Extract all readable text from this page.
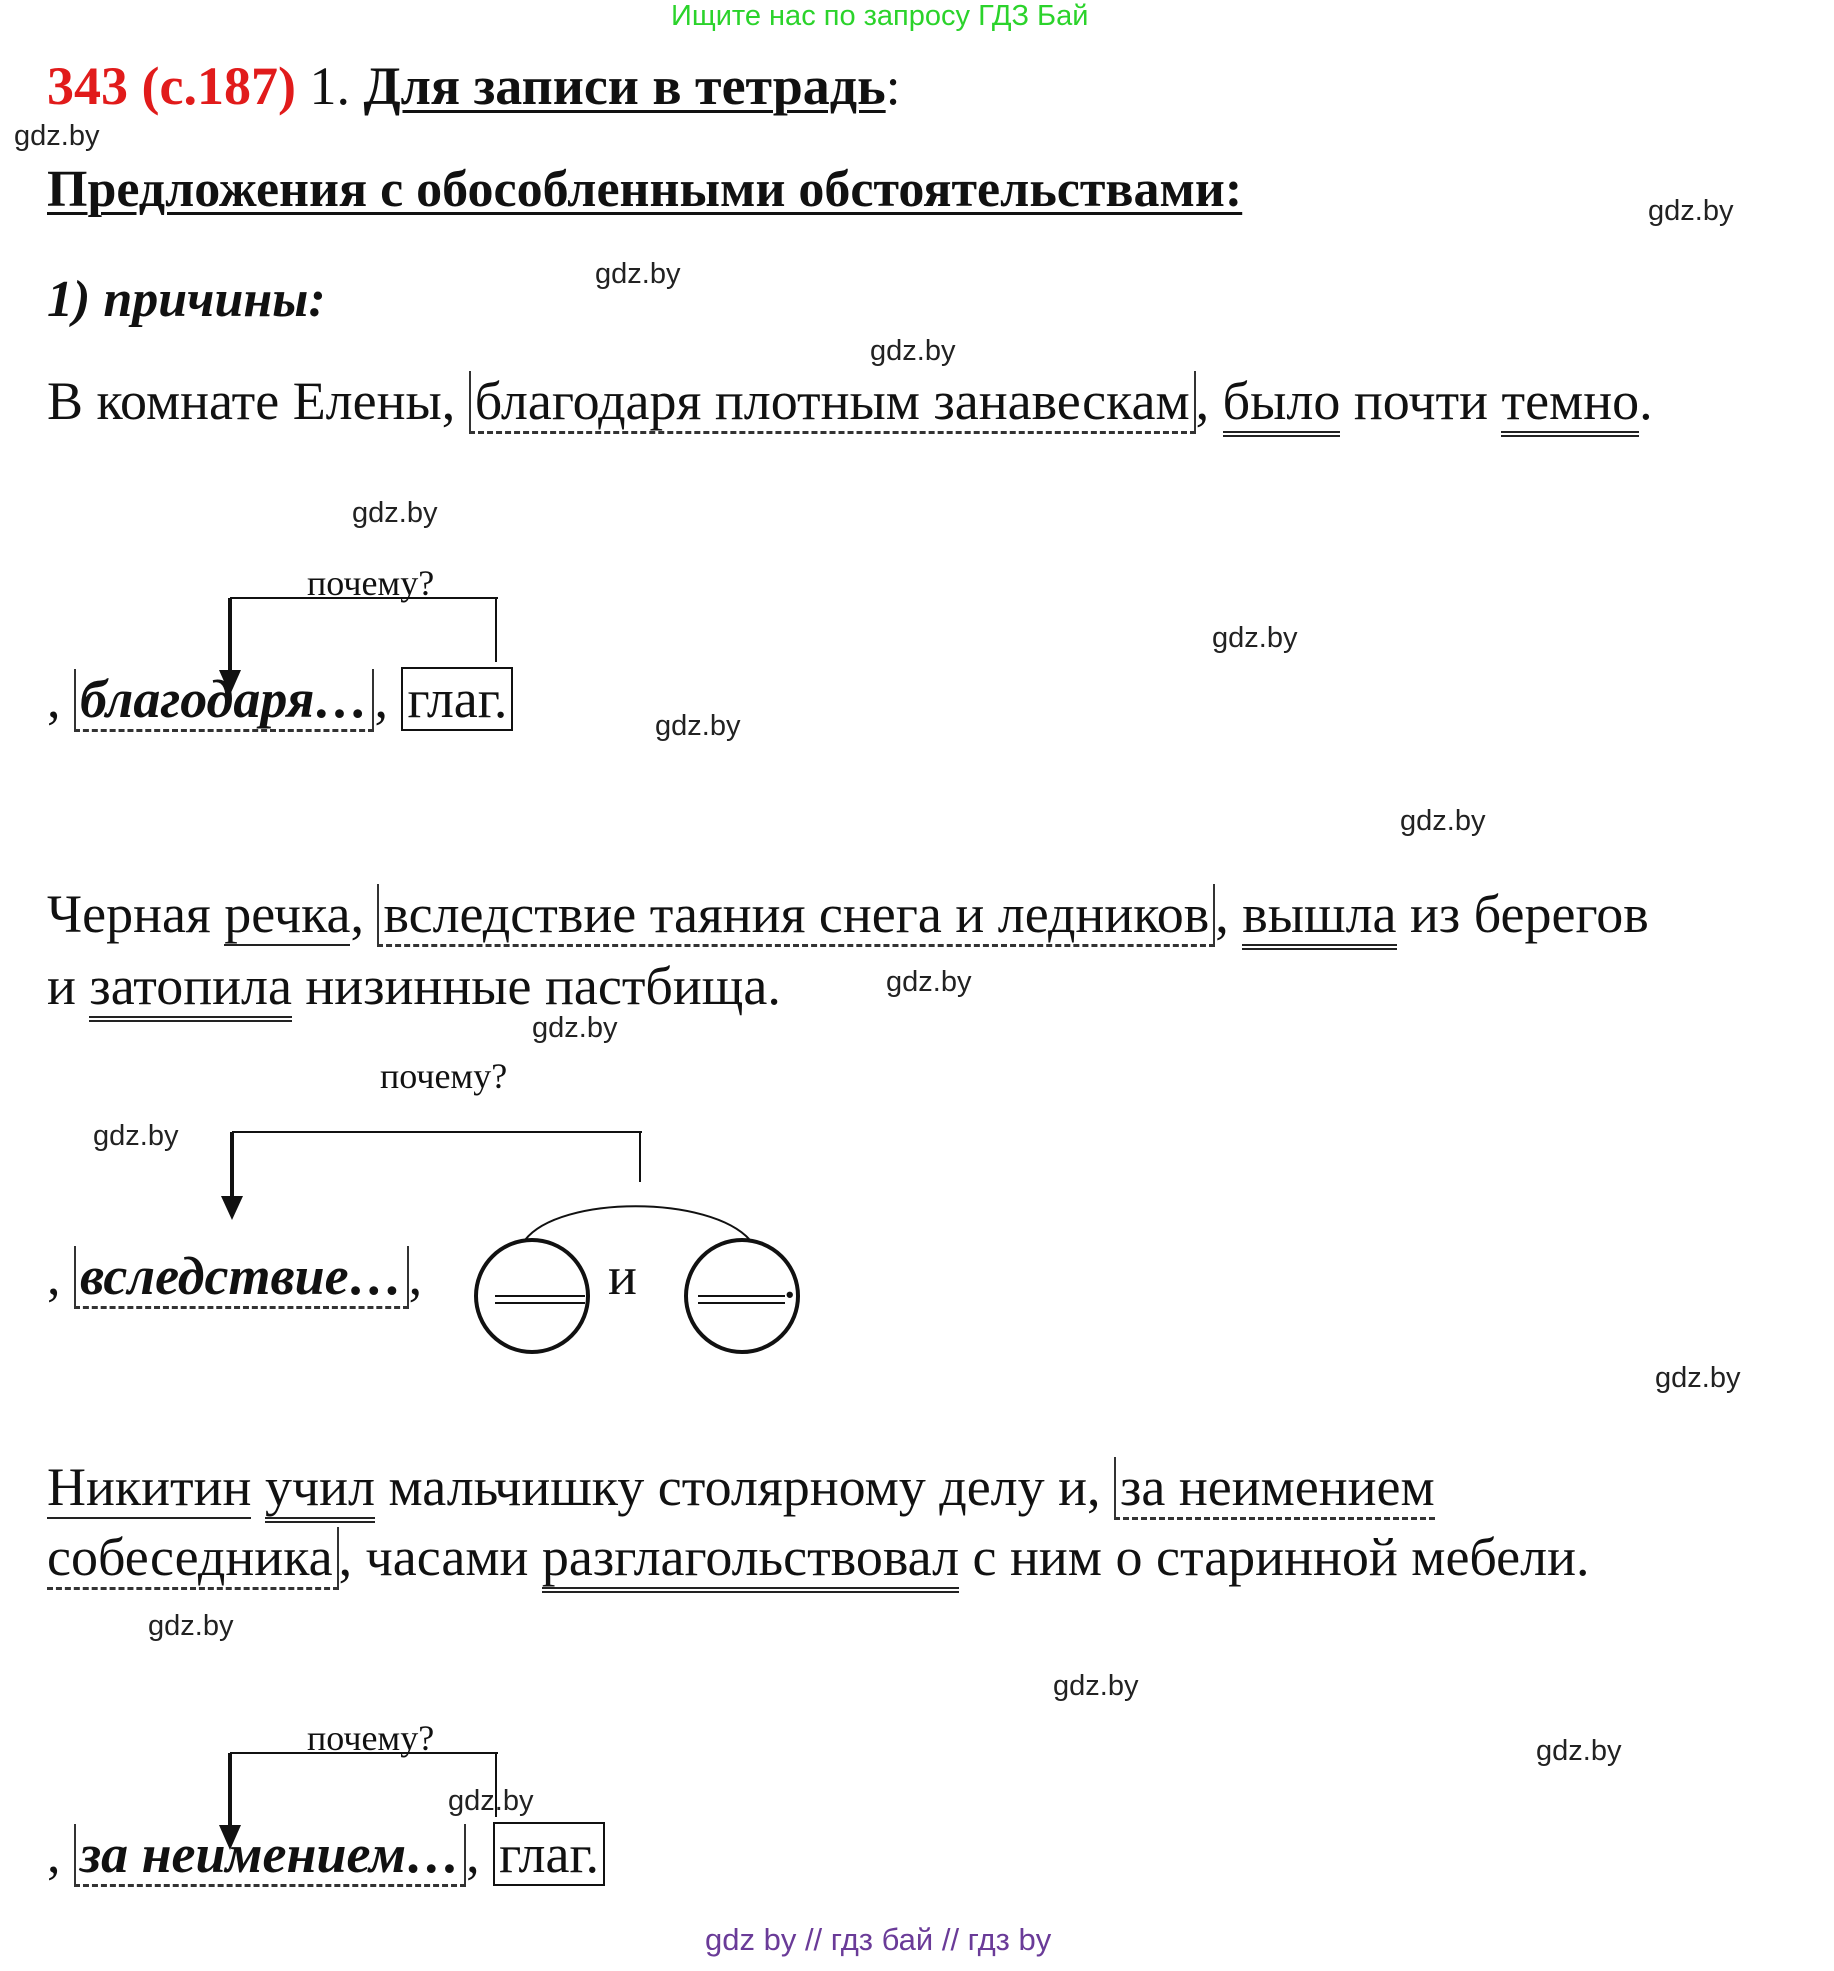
Ищите нас по запросу ГДЗ Бай
343 (с.187) 1. Для записи в тетрадь:
Предложения с обособленными обстоятельствами:
1) причины:
В комнате Елены, благодаря плотным занавескам , было почти темно.
почему?
, благодаря… , глаг.
Черная речка, вследствие таяния снега и ледников , вышла из берегов
и затопила низинные пастбища.
почему?
, вследствие… ,	и	.
Никитин учил мальчишку столярному делу и, за неимением
собеседника , часами разглагольствовал с ним о старинной мебели.
почему?
, за неимением… , глаг.
gdz.by
gdz.by
gdz.by
gdz.by
gdz.by
gdz.by
gdz.by
gdz.by
gdz.by
gdz.by
gdz.by
gdz.by
gdz.by
gdz.by
gdz.by
gdz.by
gdz by // гдз бай // гдз by
